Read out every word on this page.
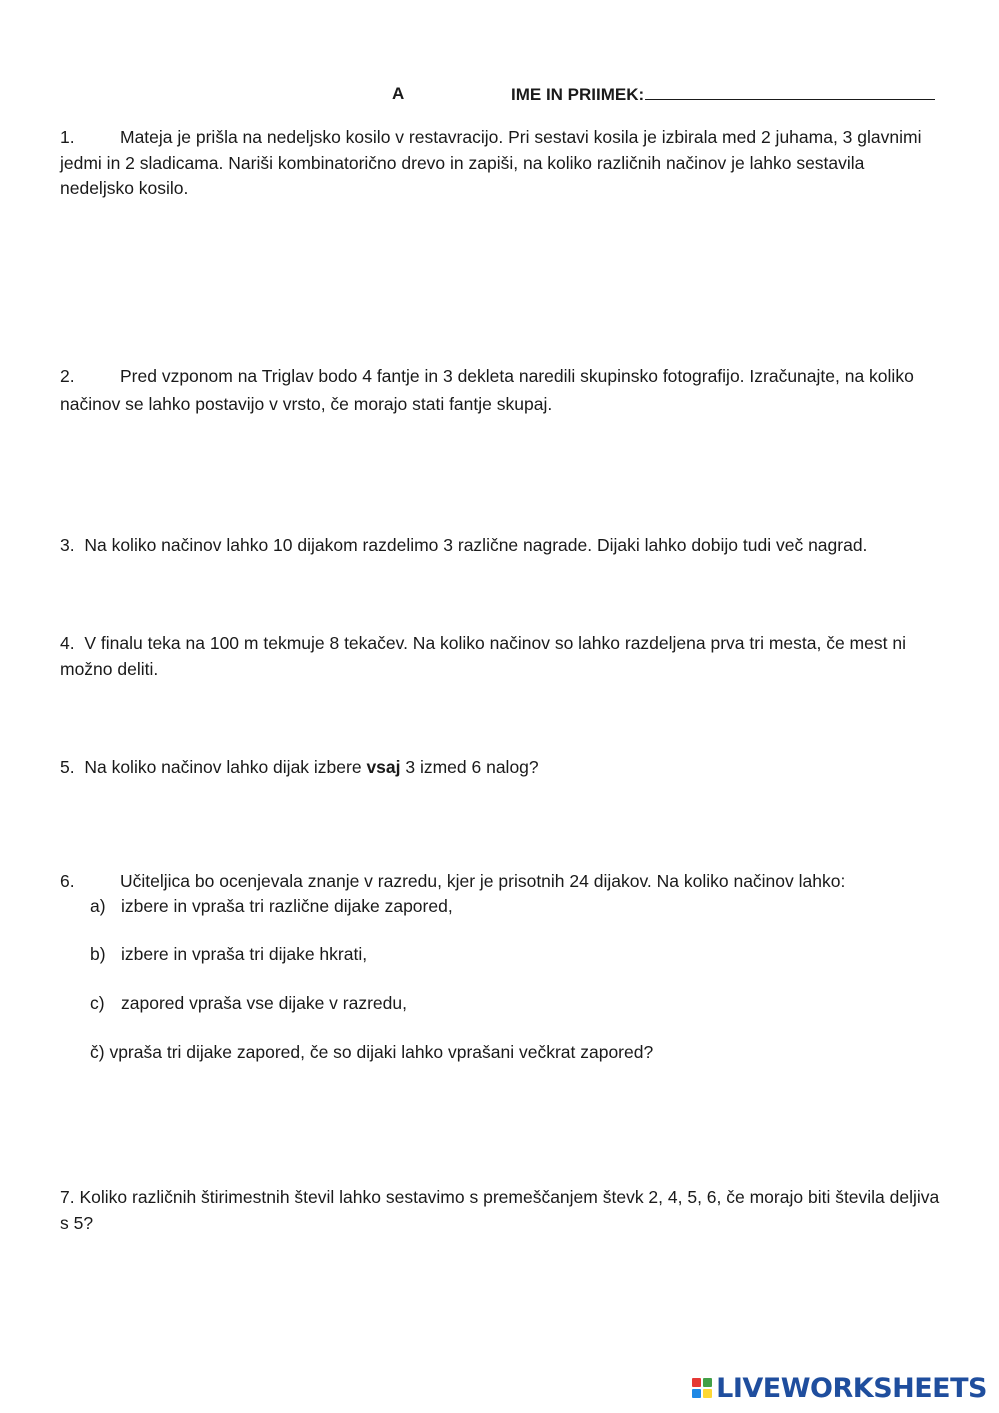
A	IME IN PRIIMEK:
1.	Mateja je prišla na nedeljsko kosilo v restavracijo. Pri sestavi kosila je izbirala med 2 juhama, 3 glavnimi jedmi in 2 sladicama. Nariši kombinatorično drevo in zapiši, na koliko različnih načinov je lahko sestavila nedeljsko kosilo.
2.	Pred vzponom na Triglav bodo 4 fantje in 3 dekleta naredili skupinsko fotografijo. Izračunajte, na koliko načinov se lahko postavijo v vrsto, če morajo stati fantje skupaj.
3. Na koliko načinov lahko 10 dijakom razdelimo 3 različne nagrade. Dijaki lahko dobijo tudi več nagrad.
4. V finalu teka na 100 m tekmuje 8 tekačev. Na koliko načinov so lahko razdeljena prva tri mesta, če mest ni možno deliti.
5. Na koliko načinov lahko dijak izbere vsaj 3 izmed 6 nalog?
6.	Učiteljica bo ocenjevala znanje v razredu, kjer je prisotnih 24 dijakov. Na koliko načinov lahko:
a) izbere in vpraša tri različne dijake zapored,
b) izbere in vpraša tri dijake hkrati,
c) zapored vpraša vse dijake v razredu,
č) vpraša tri dijake zapored, če so dijaki lahko vprašani večkrat zapored?
7. Koliko različnih štirimestnih števil lahko sestavimo s premeščanjem števk 2, 4, 5, 6, če morajo biti števila deljiva s 5?
LIVEWORKSHEETS
